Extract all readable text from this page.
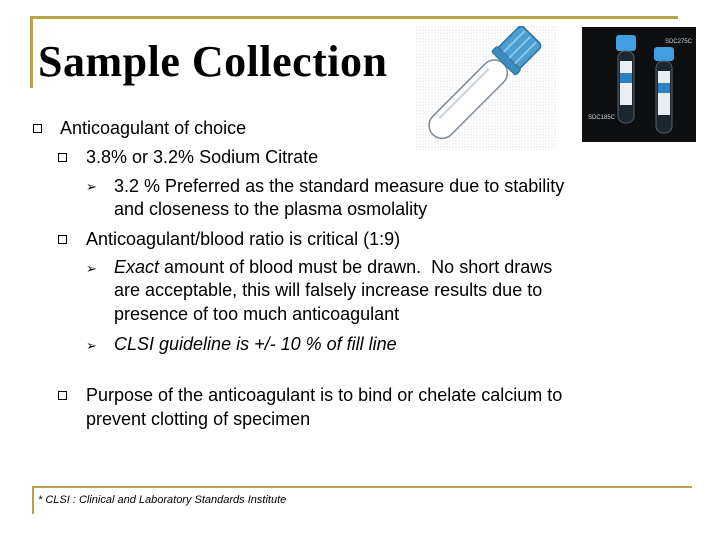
Sample Collection	SDC275C
SDC185C
Anticoagulant of choice
3.8% or 3.2% Sodium Citrate
➢ 3.2 % Preferred as the standard measure due to stability
and closeness to the plasma osmolality
Anticoagulant/blood ratio is critical (1:9)
➢ Exact amount of blood must be drawn.  No short draws
are acceptable, this will falsely increase results due to
presence of too much anticoagulant
➢ CLSI guideline is +/- 10 % of fill line
Purpose of the anticoagulant is to bind or chelate calcium to
prevent clotting of specimen
* CLSI : Clinical and Laboratory Standards Institute
